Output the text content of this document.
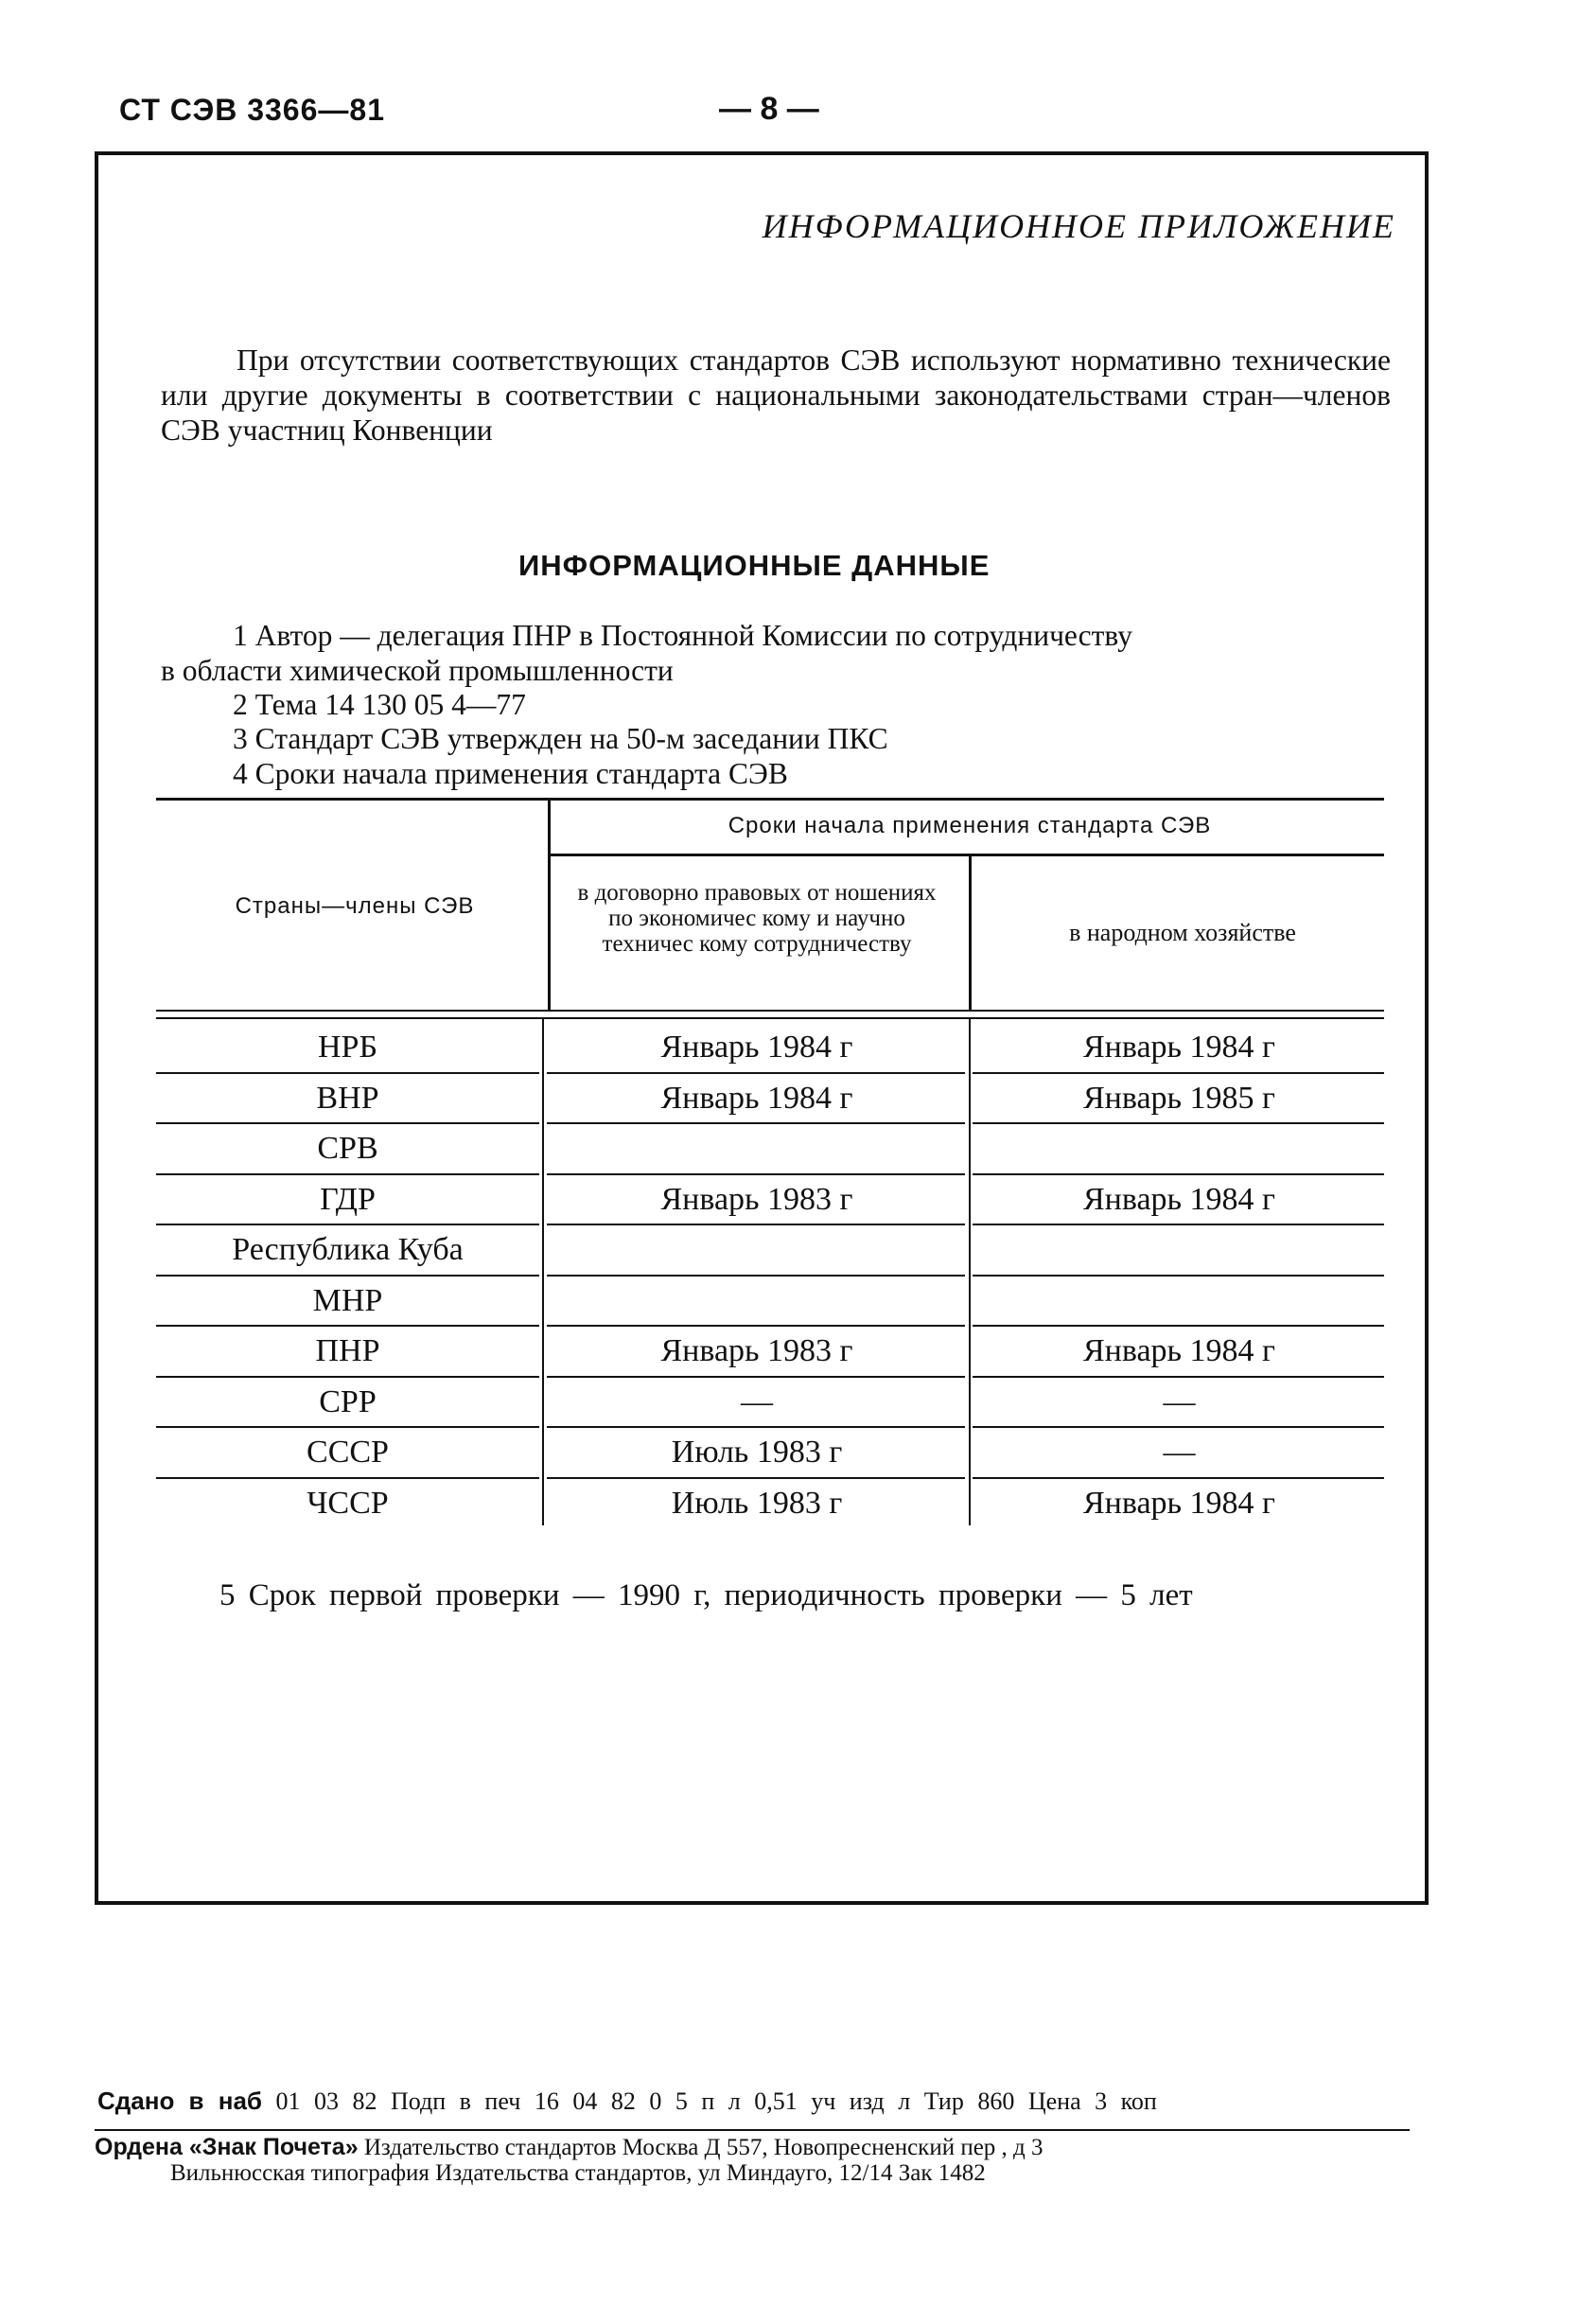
СТ СЭВ 3366—81	— 8 —
ИНФОРМАЦИОННОЕ ПРИЛОЖЕНИЕ
При отсутствии соответствующих стандартов СЭВ используют нормативно технические или другие документы в соответствии с национальными законодательствами стран—членов СЭВ участниц Конвенции
ИНФОРМАЦИОННЫЕ ДАННЫЕ
1 Автор — делегация ПНР в Постоянной Комиссии по сотрудничеству
в области химической промышленности
2 Тема 14 130 05 4—77
3 Стандарт СЭВ утвержден на 50-м заседании ПКС
4 Сроки начала применения стандарта СЭВ
Страны—члены СЭВ
Сроки начала применения стандарта СЭВ
в договорно правовых от ношениях по экономичес кому и научно техничес кому сотрудничеству	в народном хозяйстве
НРБ	Январь 1984 г	Январь 1984 г
ВНР	Январь 1984 г	Январь 1985 г
СРВ
ГДР	Январь 1983 г	Январь 1984 г
Республика Куба
МНР
ПНР	Январь 1983 г	Январь 1984 г
СРР	—	—
СССР	Июль 1983 г	—
ЧССР	Июль 1983 г	Январь 1984 г
5 Срок первой проверки — 1990 г, периодичность проверки — 5 лет
Сдано в наб 01 03 82 Подп в печ 16 04 82 0 5 п л 0,51 уч изд л Тир 860 Цена 3 коп
Ордена «Знак Почета» Издательство стандартов Москва Д 557, Новопресненский пер , д 3
Вильнюсская типография Издательства стандартов, ул Миндауго, 12/14 Зак 1482
